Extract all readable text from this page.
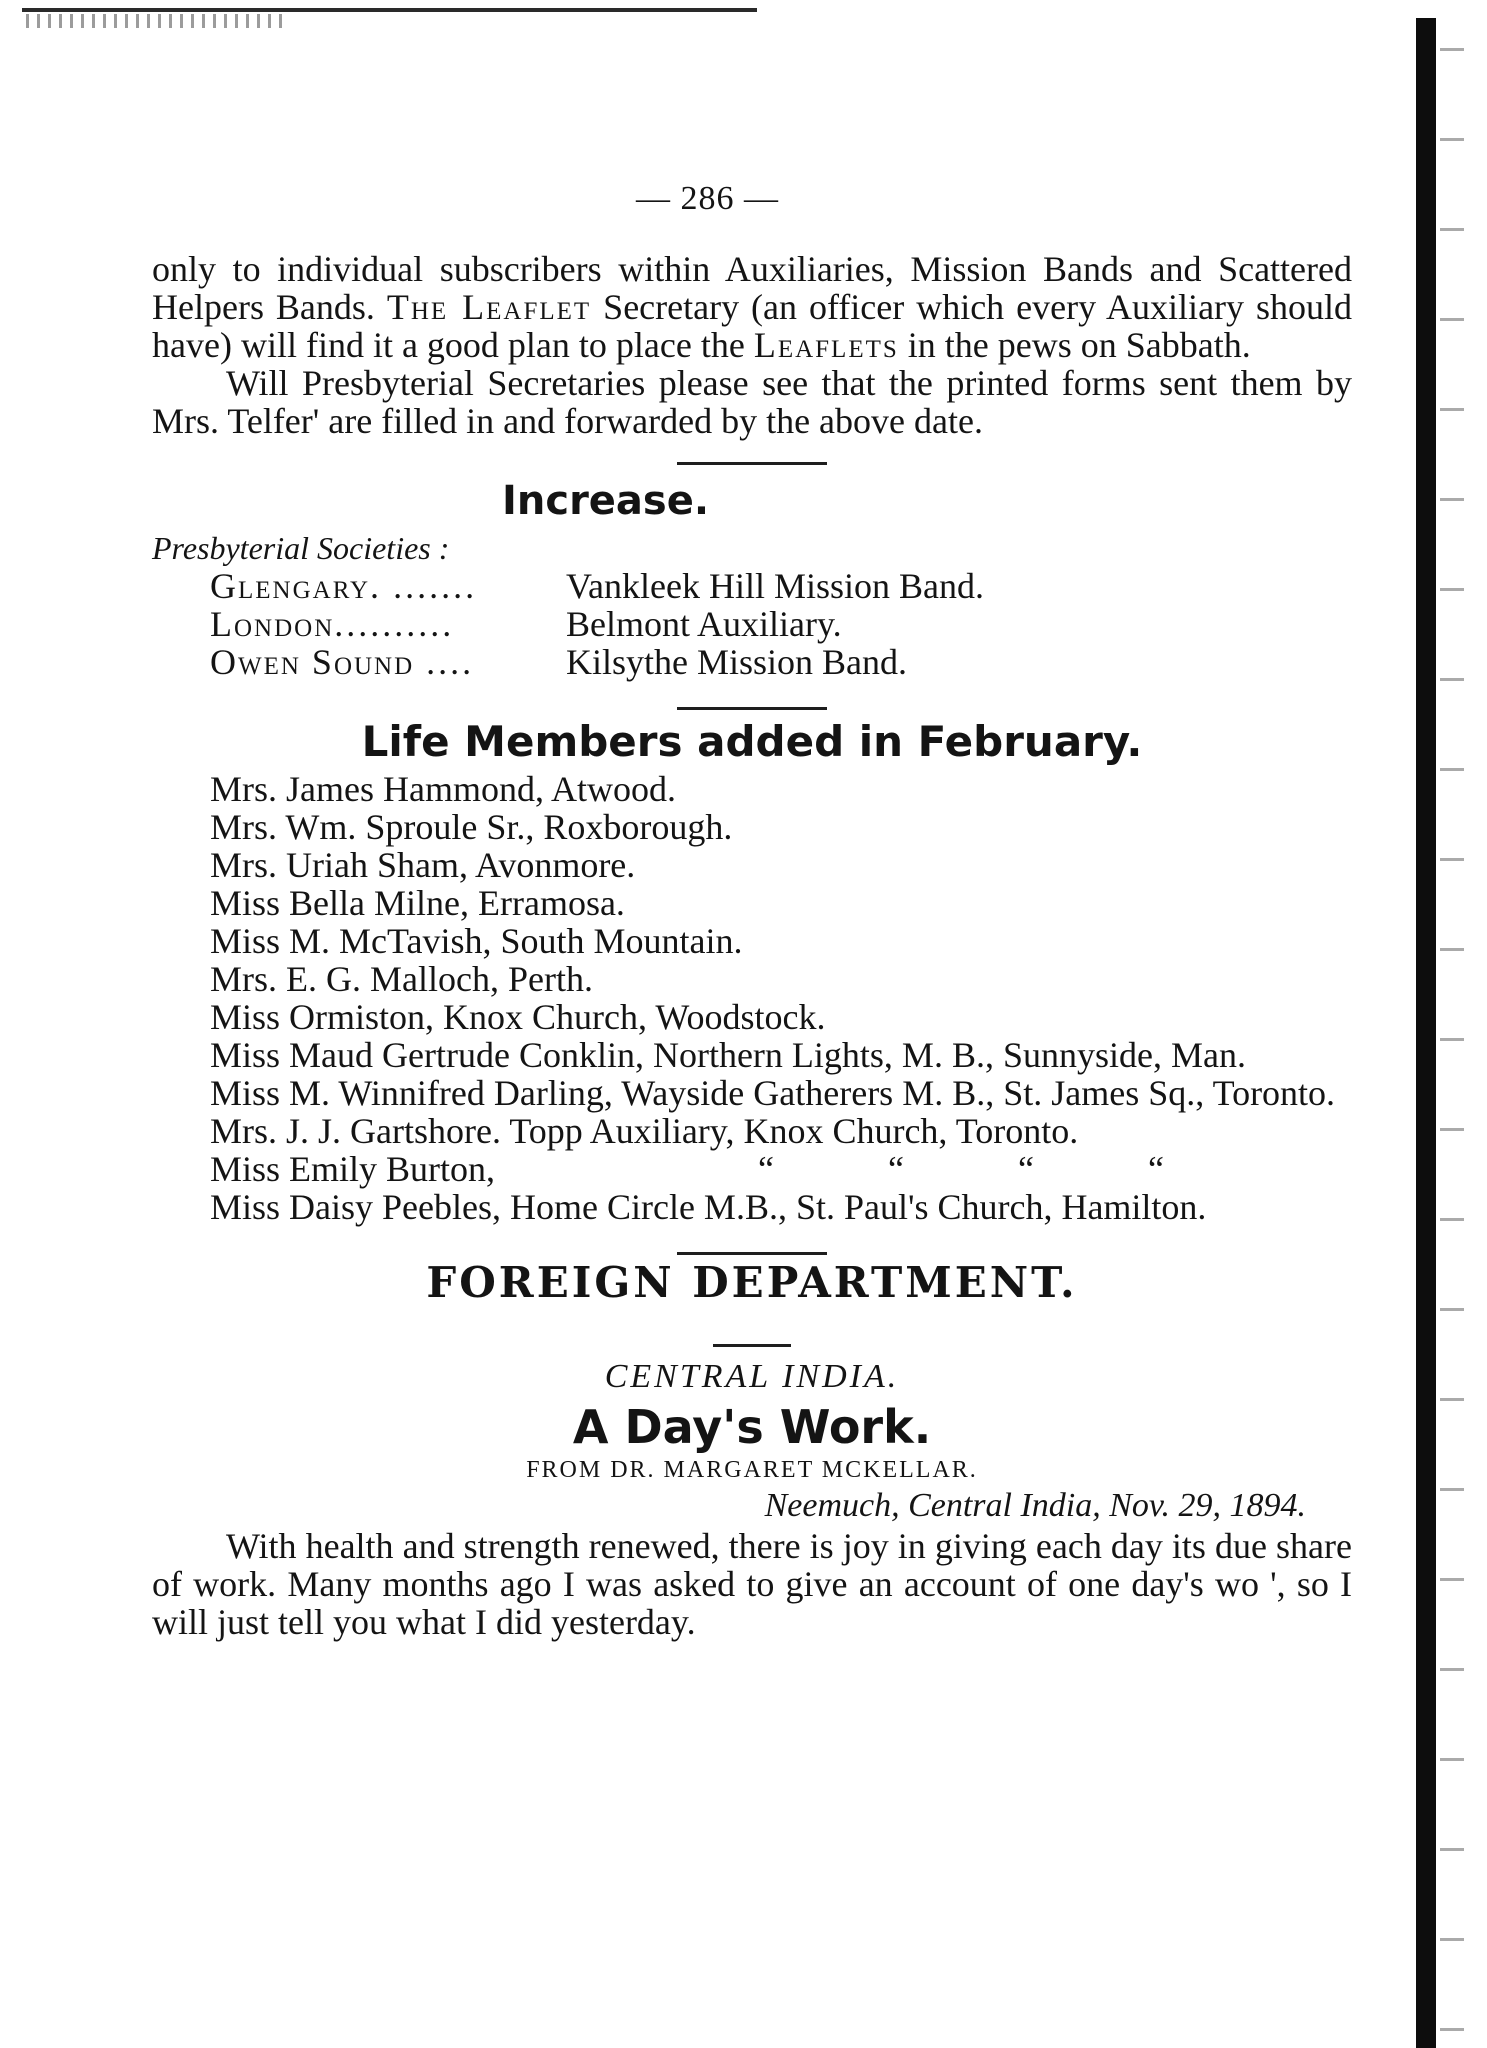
— 286 —

only to individual subscribers within Auxiliaries, Mission Bands and Scattered Helpers Bands. The Leaflet Secretary (an officer which every Auxiliary should have) will find it a good plan to place the Leaflets in the pews on Sabbath.

Will Presbyterial Secretaries please see that the printed forms sent them by Mrs. Telfer' are filled in and forwarded by the above date.

Increase.

Presbyterial Societies :

Glengary. .......	Vankleek Hill Mission Band.
London..........	Belmont Auxiliary.
Owen Sound ....	Kilsythe Mission Band.
Life Members added in February.

Mrs. James Hammond, Atwood.

Mrs. Wm. Sproule Sr., Roxborough.

Mrs. Uriah Sham, Avonmore.

Miss Bella Milne, Erramosa.

Miss M. McTavish, South Mountain.

Mrs. E. G. Malloch, Perth.

Miss Ormiston, Knox Church, Woodstock.

Miss Maud Gertrude Conklin, Northern Lights, M. B., Sunnyside, Man.

Miss M. Winnifred Darling, Wayside Gatherers M. B., St. James Sq., Toronto.

Mrs. J. J. Gartshore. Topp Auxiliary, Knox Church, Toronto.

Miss Emily Burton,	“	“	“	“

Miss Daisy Peebles, Home Circle M.B., St. Paul's Church, Hamilton.

FOREIGN DEPARTMENT.

CENTRAL INDIA.

A Day's Work.

FROM DR. MARGARET MCKELLAR.

Neemuch, Central India, Nov. 29, 1894.

With health and strength renewed, there is joy in giving each day its due share of work. Many months ago I was asked to give an account of one day's wo ', so I will just tell you what I did yesterday.
